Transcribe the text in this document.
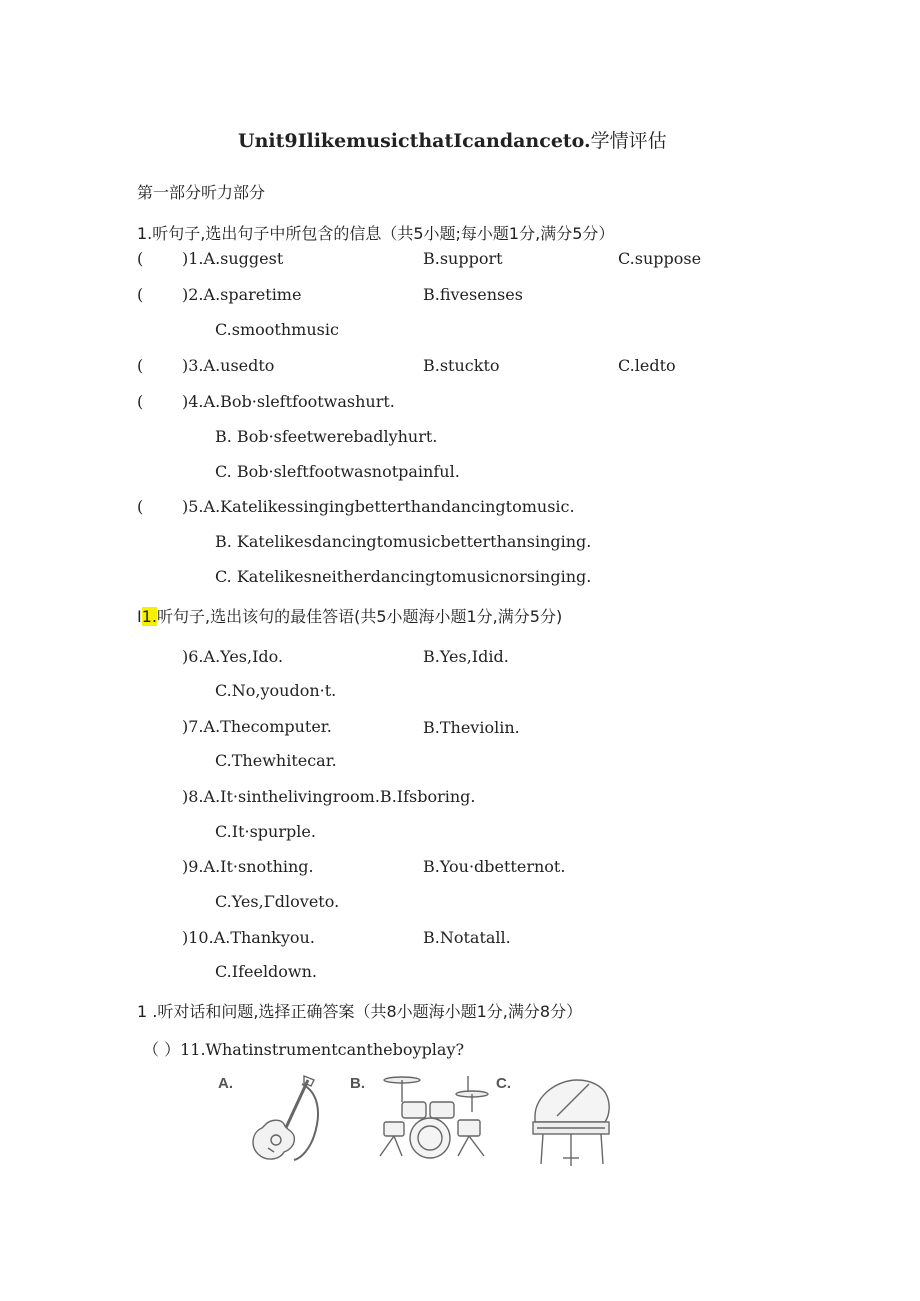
Unit9IlikemusicthatIcandanceto.学情评估
第一部分听力部分
1.听句子,选出句子中所包含的信息（共5小题;每小题1分,满分5分）
( )1.A.suggest	B.support	C.suppose
( )2.A.sparetime	B.fivesenses
C.smoothmusic
( )3.A.usedto	B.stuckto	C.ledto
( )4.A.Bob·sleftfootwashurt.
B. Bob·sfeetwerebadlyhurt.
C. Bob·sleftfootwasnotpainful.
( )5.A.Katelikessingingbetterthandancingtomusic.
B. Katelikesdancingtomusicbetterthansinging.
C. Katelikesneitherdancingtomusicnorsinging.
I1.听句子,选出该句的最佳答语(共5小题海小题1分,满分5分)
)6.A.Yes,Ido.	B.Yes,Idid.
C.No,youdon·t.
)7.A.Thecomputer.	B.Theviolin.
C.Thewhitecar.
)8.A.It·sinthelivingroom.B.Ifsboring.
C.It·spurple.
)9.A.It·snothing.	B.You·dbetternot.
C.Yes,Γdloveto.
)10.A.Thankyou.	B.Notatall.
C.Ifeeldown.
1 .听对话和问题,选择正确答案（共8小题海小题1分,满分8分）
（ ）11.Whatinstrumentcantheboyplay?
A.	B.	C.
